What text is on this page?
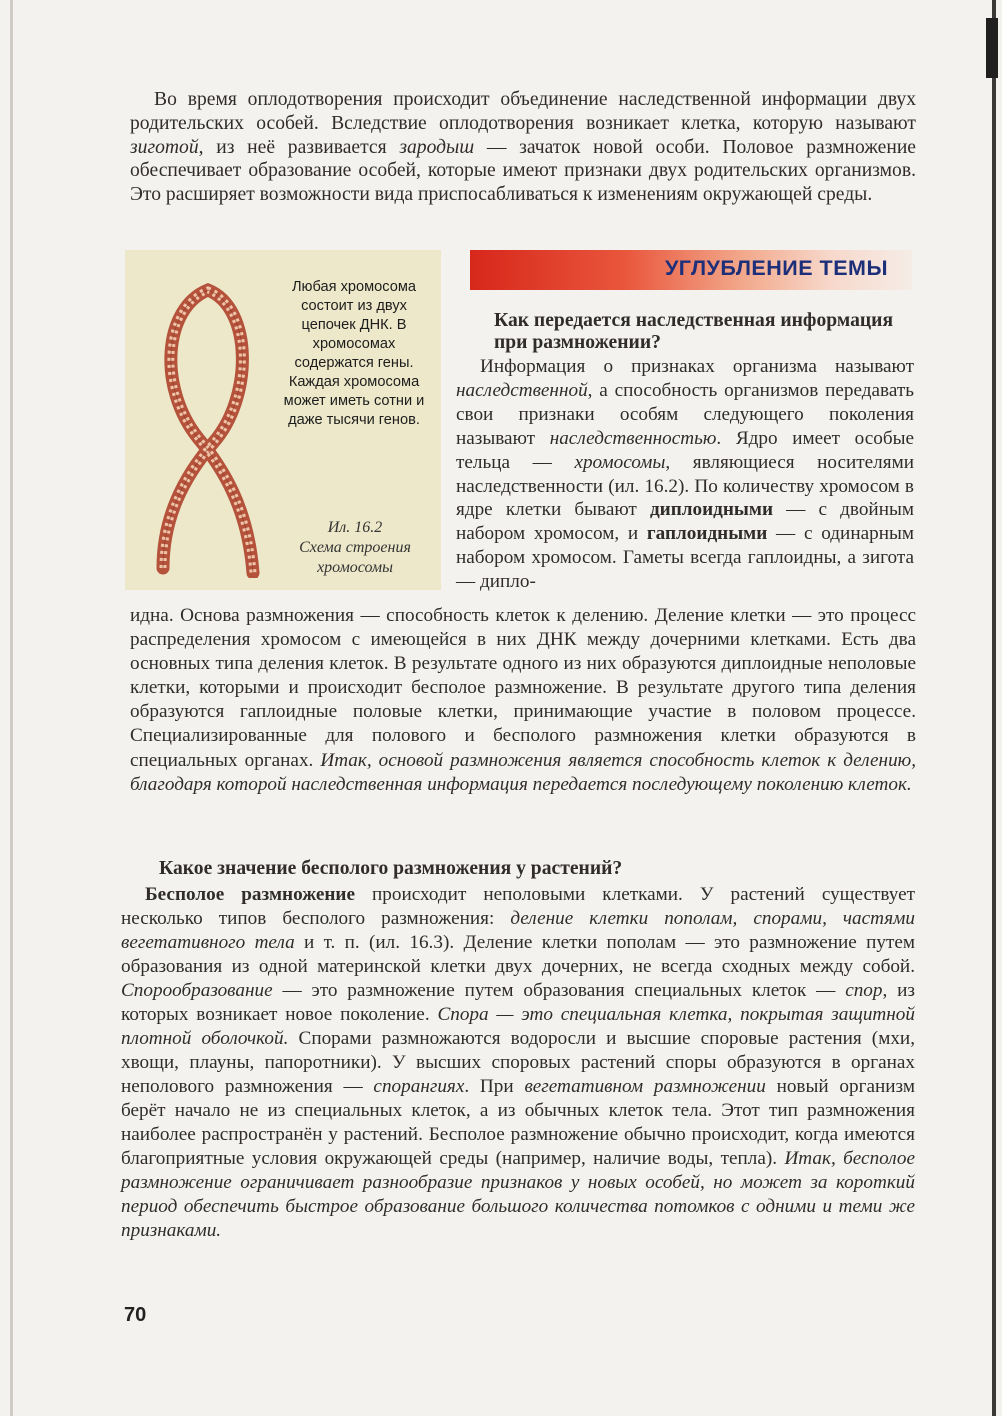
Во время оплодотворения происходит объединение наследственной информации двух родительских особей. Вследствие оплодотворения возникает клетка, которую называют зиготой, из неё развивается зародыш — зачаток новой особи. Половое размножение обеспечивает образование особей, которые имеют признаки двух родительских организмов. Это расширяет возможности вида приспосабливаться к изменениям окружающей среды.

Любая хромосома состоит из двух цепочек ДНК. В хромосомах содержатся гены. Каждая хромосома может иметь сотни и даже тысячи генов.
Ил. 16.2
Схема строения хромосомы
УГЛУБЛЕНИЕ ТЕМЫ
Как передается наследственная информация при размножении?

Информация о признаках организма называют наследственной, а способность организмов передавать свои признаки особям следующего поколения называют наследственностью. Ядро имеет особые тельца — хромосомы, являющиеся носителями наследственности (ил. 16.2). По количеству хромосом в ядре клетки бывают диплоидными — с двойным набором хромосом, и гаплоидными — с одинарным набором хромосом. Гаметы всегда гаплоидны, а зигота — дипло-

идна. Основа размножения — способность клеток к делению. Деление клетки — это процесс распределения хромосом с имеющейся в них ДНК между дочерними клетками. Есть два основных типа деления клеток. В результате одного из них образуются диплоидные неполовые клетки, которыми и происходит бесполое размножение. В результате другого типа деления образуются гаплоидные половые клетки, принимающие участие в половом процессе. Специализированные для полового и бесполого размножения клетки образуются в специальных органах. Итак, основой размножения является способность клеток к делению, благодаря которой наследственная информация передается последующему поколению клеток.

Какое значение бесполого размножения у растений?

Бесполое размножение происходит неполовыми клетками. У растений существует несколько типов бесполого размножения: деление клетки пополам, спорами, частями вегетативного тела и т. п. (ил. 16.3). Деление клетки пополам — это размножение путем образования из одной материнской клетки двух дочерних, не всегда сходных между собой. Спорообразование — это размножение путем образования специальных клеток — спор, из которых возникает новое поколение. Спора — это специальная клетка, покрытая защитной плотной оболочкой. Спорами размножаются водоросли и высшие споровые растения (мхи, хвощи, плауны, папоротники). У высших споровых растений споры образуются в органах неполового размножения — спорангиях. При вегетативном размножении новый организм берёт начало не из специальных клеток, а из обычных клеток тела. Этот тип размножения наиболее распространён у растений. Бесполое размножение обычно происходит, когда имеются благоприятные условия окружающей среды (например, наличие воды, тепла). Итак, бесполое размножение ограничивает разнообразие признаков у новых особей, но может за короткий период обеспечить быстрое образование большого количества потомков с одними и теми же признаками.

70
